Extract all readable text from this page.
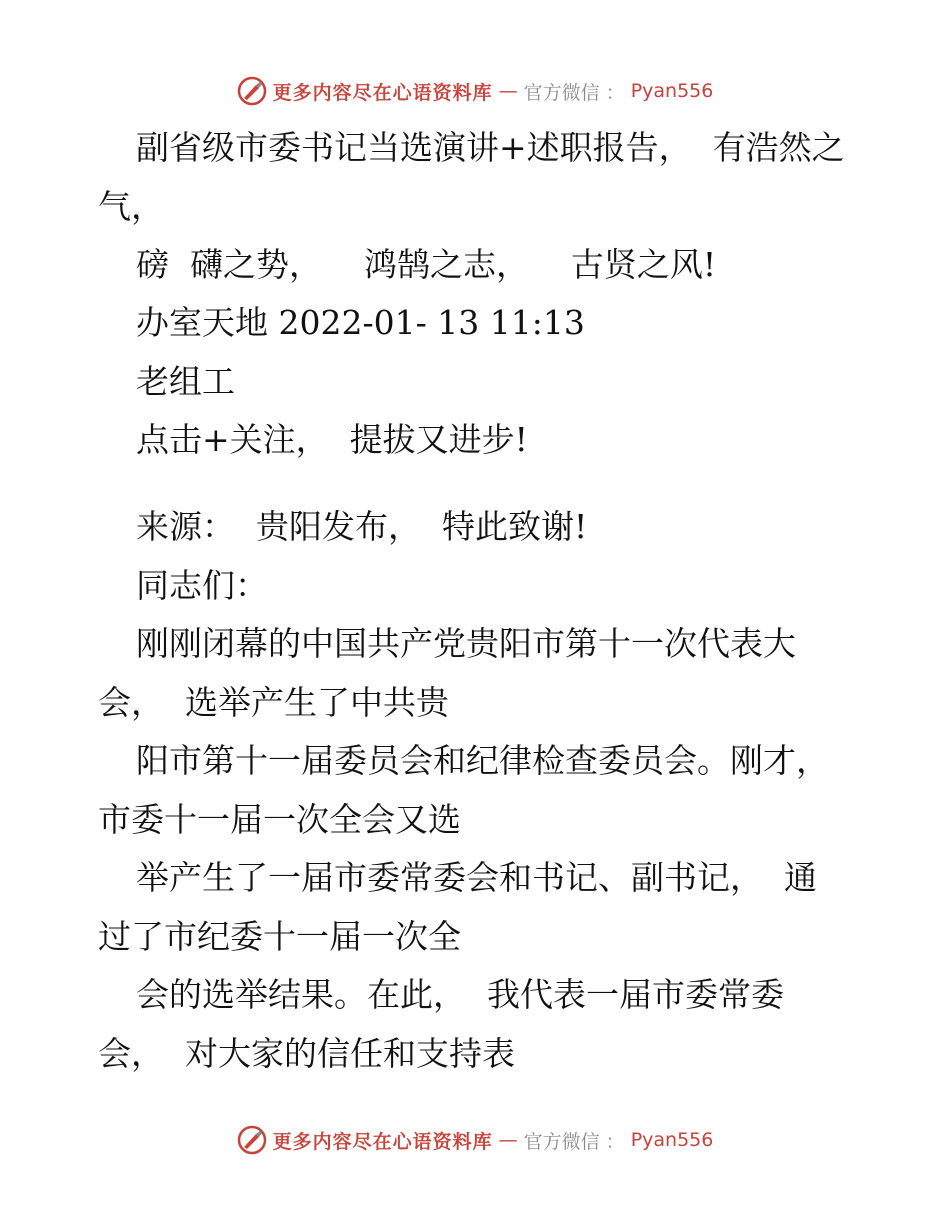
更多内容尽在心语资料库 — 官方微信 ： Pyan556
副省级市委书记当选演讲+述职报告，  有浩然之
气，
磅  礴之势，    鸿鹄之志，    古贤之风!
办室天地 2022-01- 13 11:13
老组工
点击+关注，  提拔又进步!
来源：  贵阳发布，  特此致谢!
同志们：
刚刚闭幕的中国共产党贵阳市第十一次代表大
会，  选举产生了中共贵
阳市第十一届委员会和纪律检查委员会。刚才，
市委十一届一次全会又选
举产生了一届市委常委会和书记、副书记，  通
过了市纪委十一届一次全
会的选举结果。在此，  我代表一届市委常委
会，  对大家的信任和支持表
更多内容尽在心语资料库 — 官方微信 ： Pyan556
